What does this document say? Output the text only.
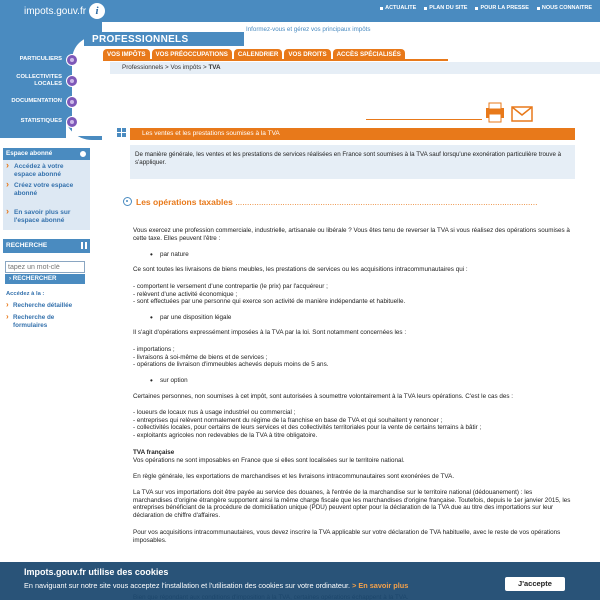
impots.gouv.fr i	ACTUALITE PLAN DU SITE POUR LA PRESSE NOUS CONNAITRE
PROFESSIONNELS
Informez-vous et gérez vos principaux impôts
PARTICULIERS
COLLECTIVITES LOCALES
DOCUMENTATION
STATISTIQUES
VOS IMPÔTS	VOS PRÉOCCUPATIONS	CALENDRIER	VOS DROITS	ACCÈS SPÉCIALISÉS
Professionnels > Vos impôts > TVA
Espace abonné
› Accédez à votre espace abonné
› Créez votre espace abonné
› En savoir plus sur l'espace abonné
RECHERCHE
tapez un mot-clé
› RECHERCHER
Accédez à la :
› Recherche détaillée
› Recherche de formulaires
Les ventes et les prestations soumises à la TVA
De manière générale, les ventes et les prestations de services réalisées en France sont soumises à la TVA sauf lorsqu'une exonération particulière trouve à s'appliquer.
Les opérations taxables .....
Vous exercez une profession commerciale, industrielle, artisanale ou libérale ? Vous êtes tenu de reverser la TVA si vous réalisez des opérations soumises à cette taxe. Elles peuvent l'être :
• par nature
Ce sont toutes les livraisons de biens meubles, les prestations de services ou les acquisitions intracommunautaires qui :
- comportent le versement d'une contrepartie (le prix) par l'acquéreur ;
- relèvent d'une activité économique ;
- sont effectuées par une personne qui exerce son activité de manière indépendante et habituelle.
• par une disposition légale
Il s'agit d'opérations expressément imposées à la TVA par la loi. Sont notamment concernées les :
- importations ;
- livraisons à soi-même de biens et de services ;
- opérations de livraison d'immeubles achevés depuis moins de 5 ans.
• sur option
Certaines personnes, non soumises à cet impôt, sont autorisées à soumettre volontairement à la TVA leurs opérations. C'est le cas des :
- loueurs de locaux nus à usage industriel ou commercial ;
- entreprises qui relèvent normalement du régime de la franchise en base de TVA et qui souhaitent y renoncer ;
- collectivités locales, pour certains de leurs services et des collectivités territoriales pour la vente de certains terrains à bâtir ;
- exploitants agricoles non redevables de la TVA à titre obligatoire.
TVA française
Vos opérations ne sont imposables en France que si elles sont localisées sur le territoire national.
En règle générale, les exportations de marchandises et les livraisons intracommunautaires sont exonérées de TVA.
La TVA sur vos importations doit être payée au service des douanes, à l'entrée de la marchandise sur le territoire national (dédouanement) : les marchandises d'origine étrangère supportent ainsi la même charge fiscale que les marchandises d'origine française. Toutefois, depuis le 1er janvier 2015, les entreprises bénéficiant de la procédure de domiciliation unique (PDU) peuvent opter pour la déclaration de la TVA due au titre des importations sur leur déclaration de chiffre d'affaires.
Pour vos acquisitions intracommunautaires, vous devez inscrire la TVA applicable sur votre déclaration de TVA habituelle, avec le reste de vos opérations imposables.
Impots.gouv.fr utilise des cookies
En naviguant sur notre site vous acceptez l'installation et l'utilisation des cookies sur votre ordinateur. > En savoir plus	J'accepte
